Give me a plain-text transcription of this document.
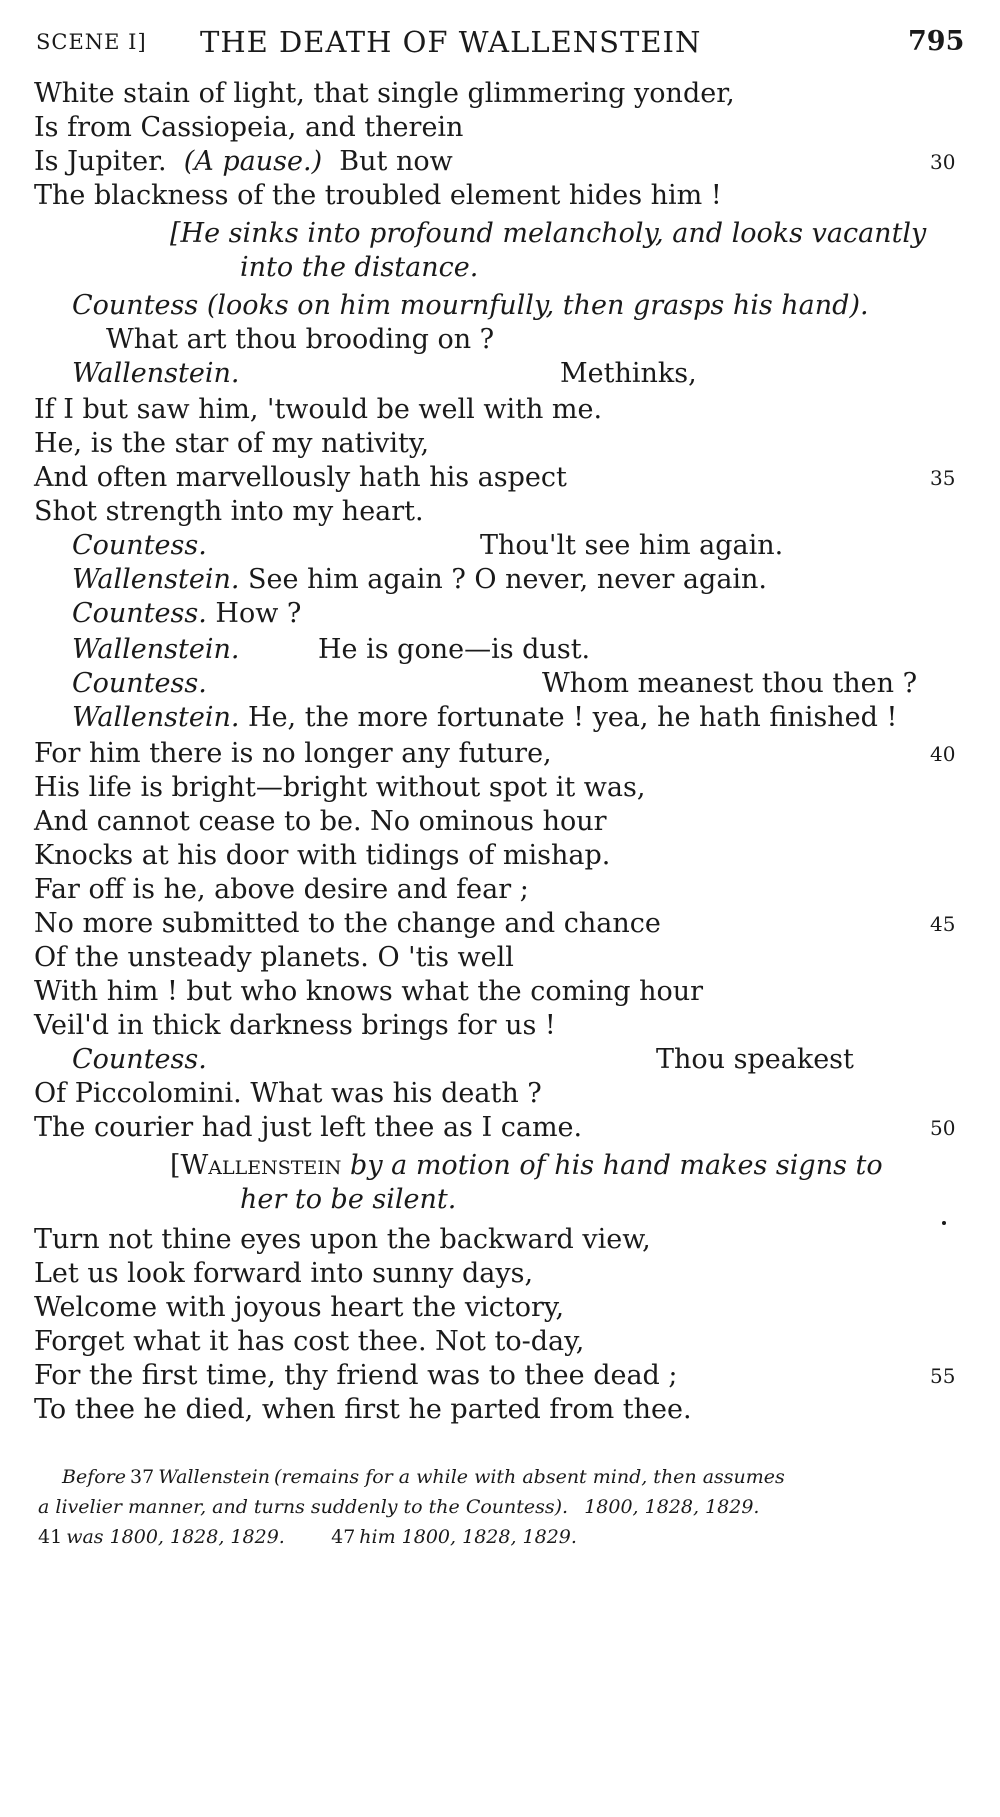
SCENE I] THE DEATH OF WALLENSTEIN	795
White stain of light, that single glimmering yonder,
Is from Cassiopeia, and therein
Is Jupiter. (A pause.) But now
The blackness of the troubled element hides him !
[He sinks into profound melancholy, and looks vacantly
into the distance.
Countess (looks on him mournfully, then grasps his hand).
What art thou brooding on ?
Wallenstein.	Methinks,
If I but saw him, 'twould be well with me.
He, is the star of my nativity,
And often marvellously hath his aspect
Shot strength into my heart.
Countess.	Thou'lt see him again.
Wallenstein. See him again ? O never, never again.
Countess. How ?
Wallenstein.	He is gone—is dust.
Countess.	Whom meanest thou then ?
Wallenstein. He, the more fortunate ! yea, he hath finished !
For him there is no longer any future,
His life is bright—bright without spot it was,
And cannot cease to be. No ominous hour
Knocks at his door with tidings of mishap.
Far off is he, above desire and fear ;
No more submitted to the change and chance
Of the unsteady planets. O 'tis well
With him ! but who knows what the coming hour
Veil'd in thick darkness brings for us !
Countess.	Thou speakest
Of Piccolomini. What was his death ?
The courier had just left thee as I came.
[Wallenstein by a motion of his hand makes signs to
her to be silent.
Turn not thine eyes upon the backward view,
Let us look forward into sunny days,
Welcome with joyous heart the victory,
Forget what it has cost thee. Not to-day,
For the first time, thy friend was to thee dead ;
To thee he died, when first he parted from thee.
30
35
40
45
50
55
Before 37 Wallenstein (remains for a while with absent mind, then assumes
a livelier manner, and turns suddenly to the Countess). 1800, 1828, 1829.
41 was 1800, 1828, 1829. 47 him 1800, 1828, 1829.
